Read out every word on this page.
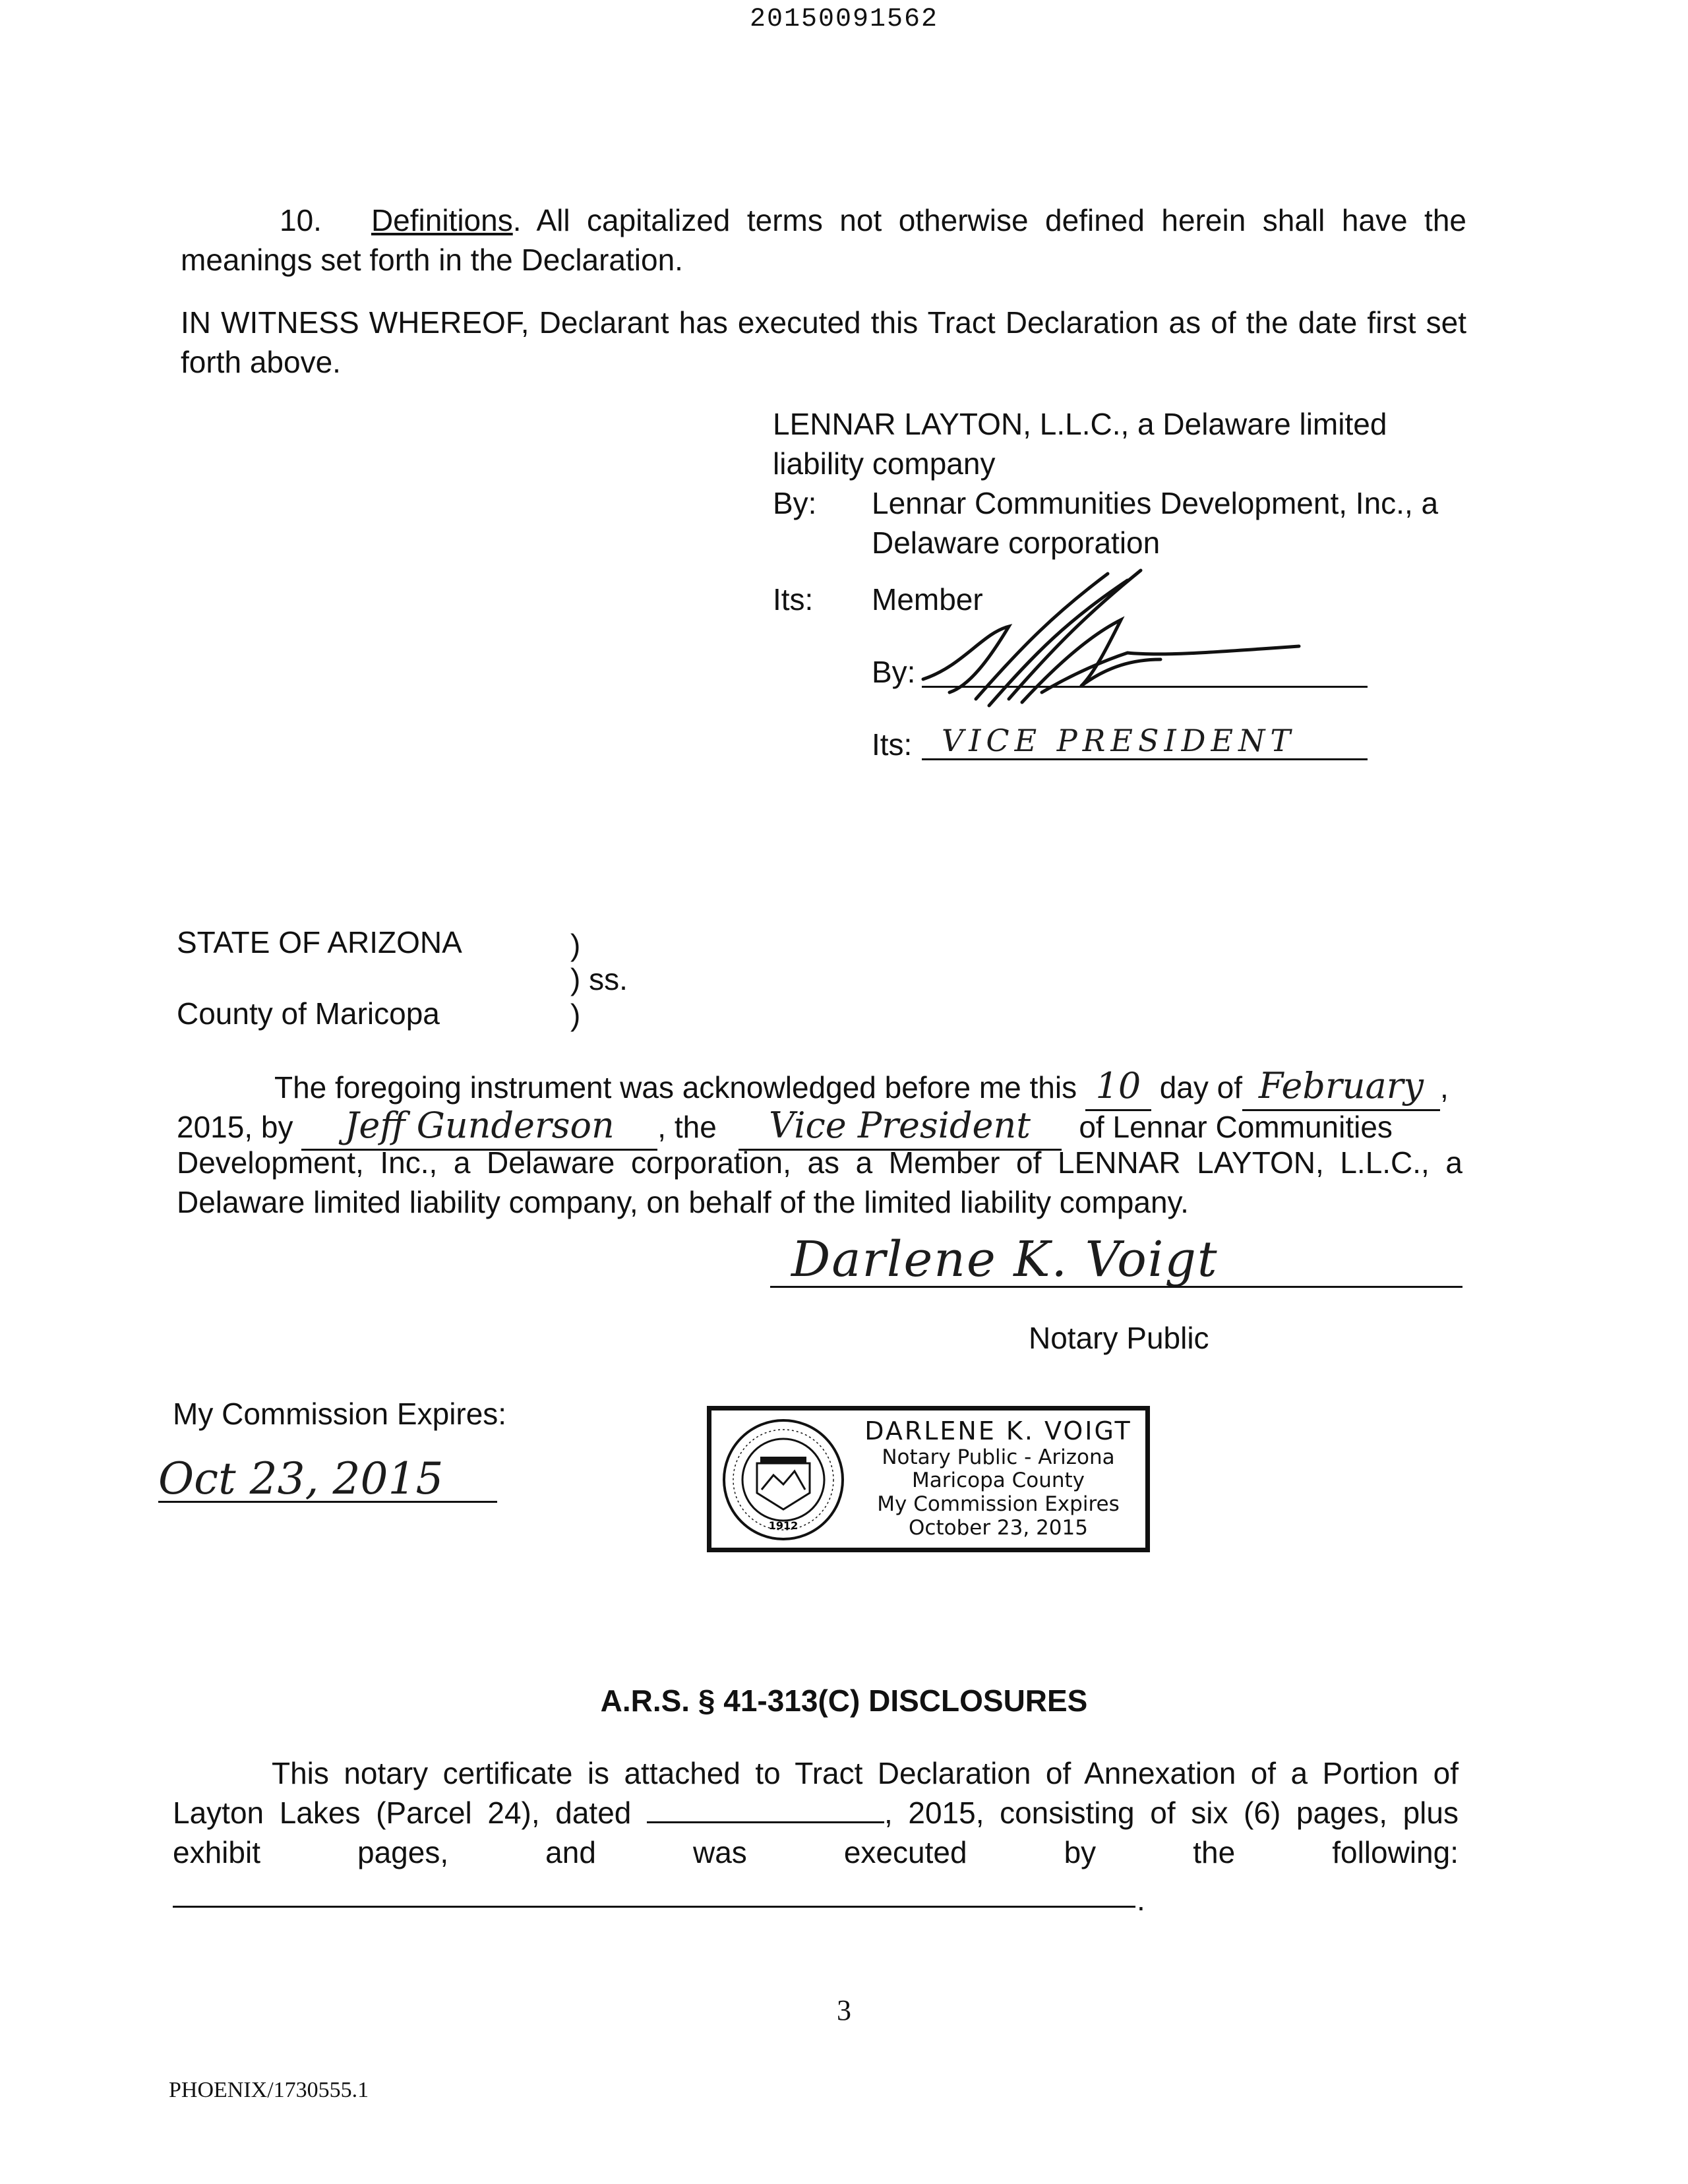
20150091562
10. Definitions. All capitalized terms not otherwise defined herein shall have the
meanings set forth in the Declaration.
IN WITNESS WHEREOF, Declarant has executed this Tract Declaration as of the date first set
forth above.
LENNAR LAYTON, L.L.C., a Delaware limited
liability company
By: Lennar Communities Development, Inc., a
Delaware corporation
Its: Member
By:
Its: VICE PRESIDENT
STATE OF ARIZONA
County of Maricopa
)
) ss.
)
The foregoing instrument was acknowledged before me this 10 day of February ,
2015, by Jeff Gunderson , the Vice President of Lennar Communities
Development, Inc., a Delaware corporation, as a Member of LENNAR LAYTON, L.L.C., a
Delaware limited liability company, on behalf of the limited liability company.
Darlene K. Voigt
Notary Public
My Commission Expires:
Oct 23, 2015
1912
DARLENE K. VOIGT
Notary Public - Arizona
Maricopa County
My Commission Expires
October 23, 2015
A.R.S. § 41-313(C) DISCLOSURES
This notary certificate is attached to Tract Declaration of Annexation of a Portion of
Layton Lakes (Parcel 24), dated	, 2015, consisting of six (6) pages, plus
exhibit pages, and was executed by the following:
.
3
PHOENIX/1730555.1
